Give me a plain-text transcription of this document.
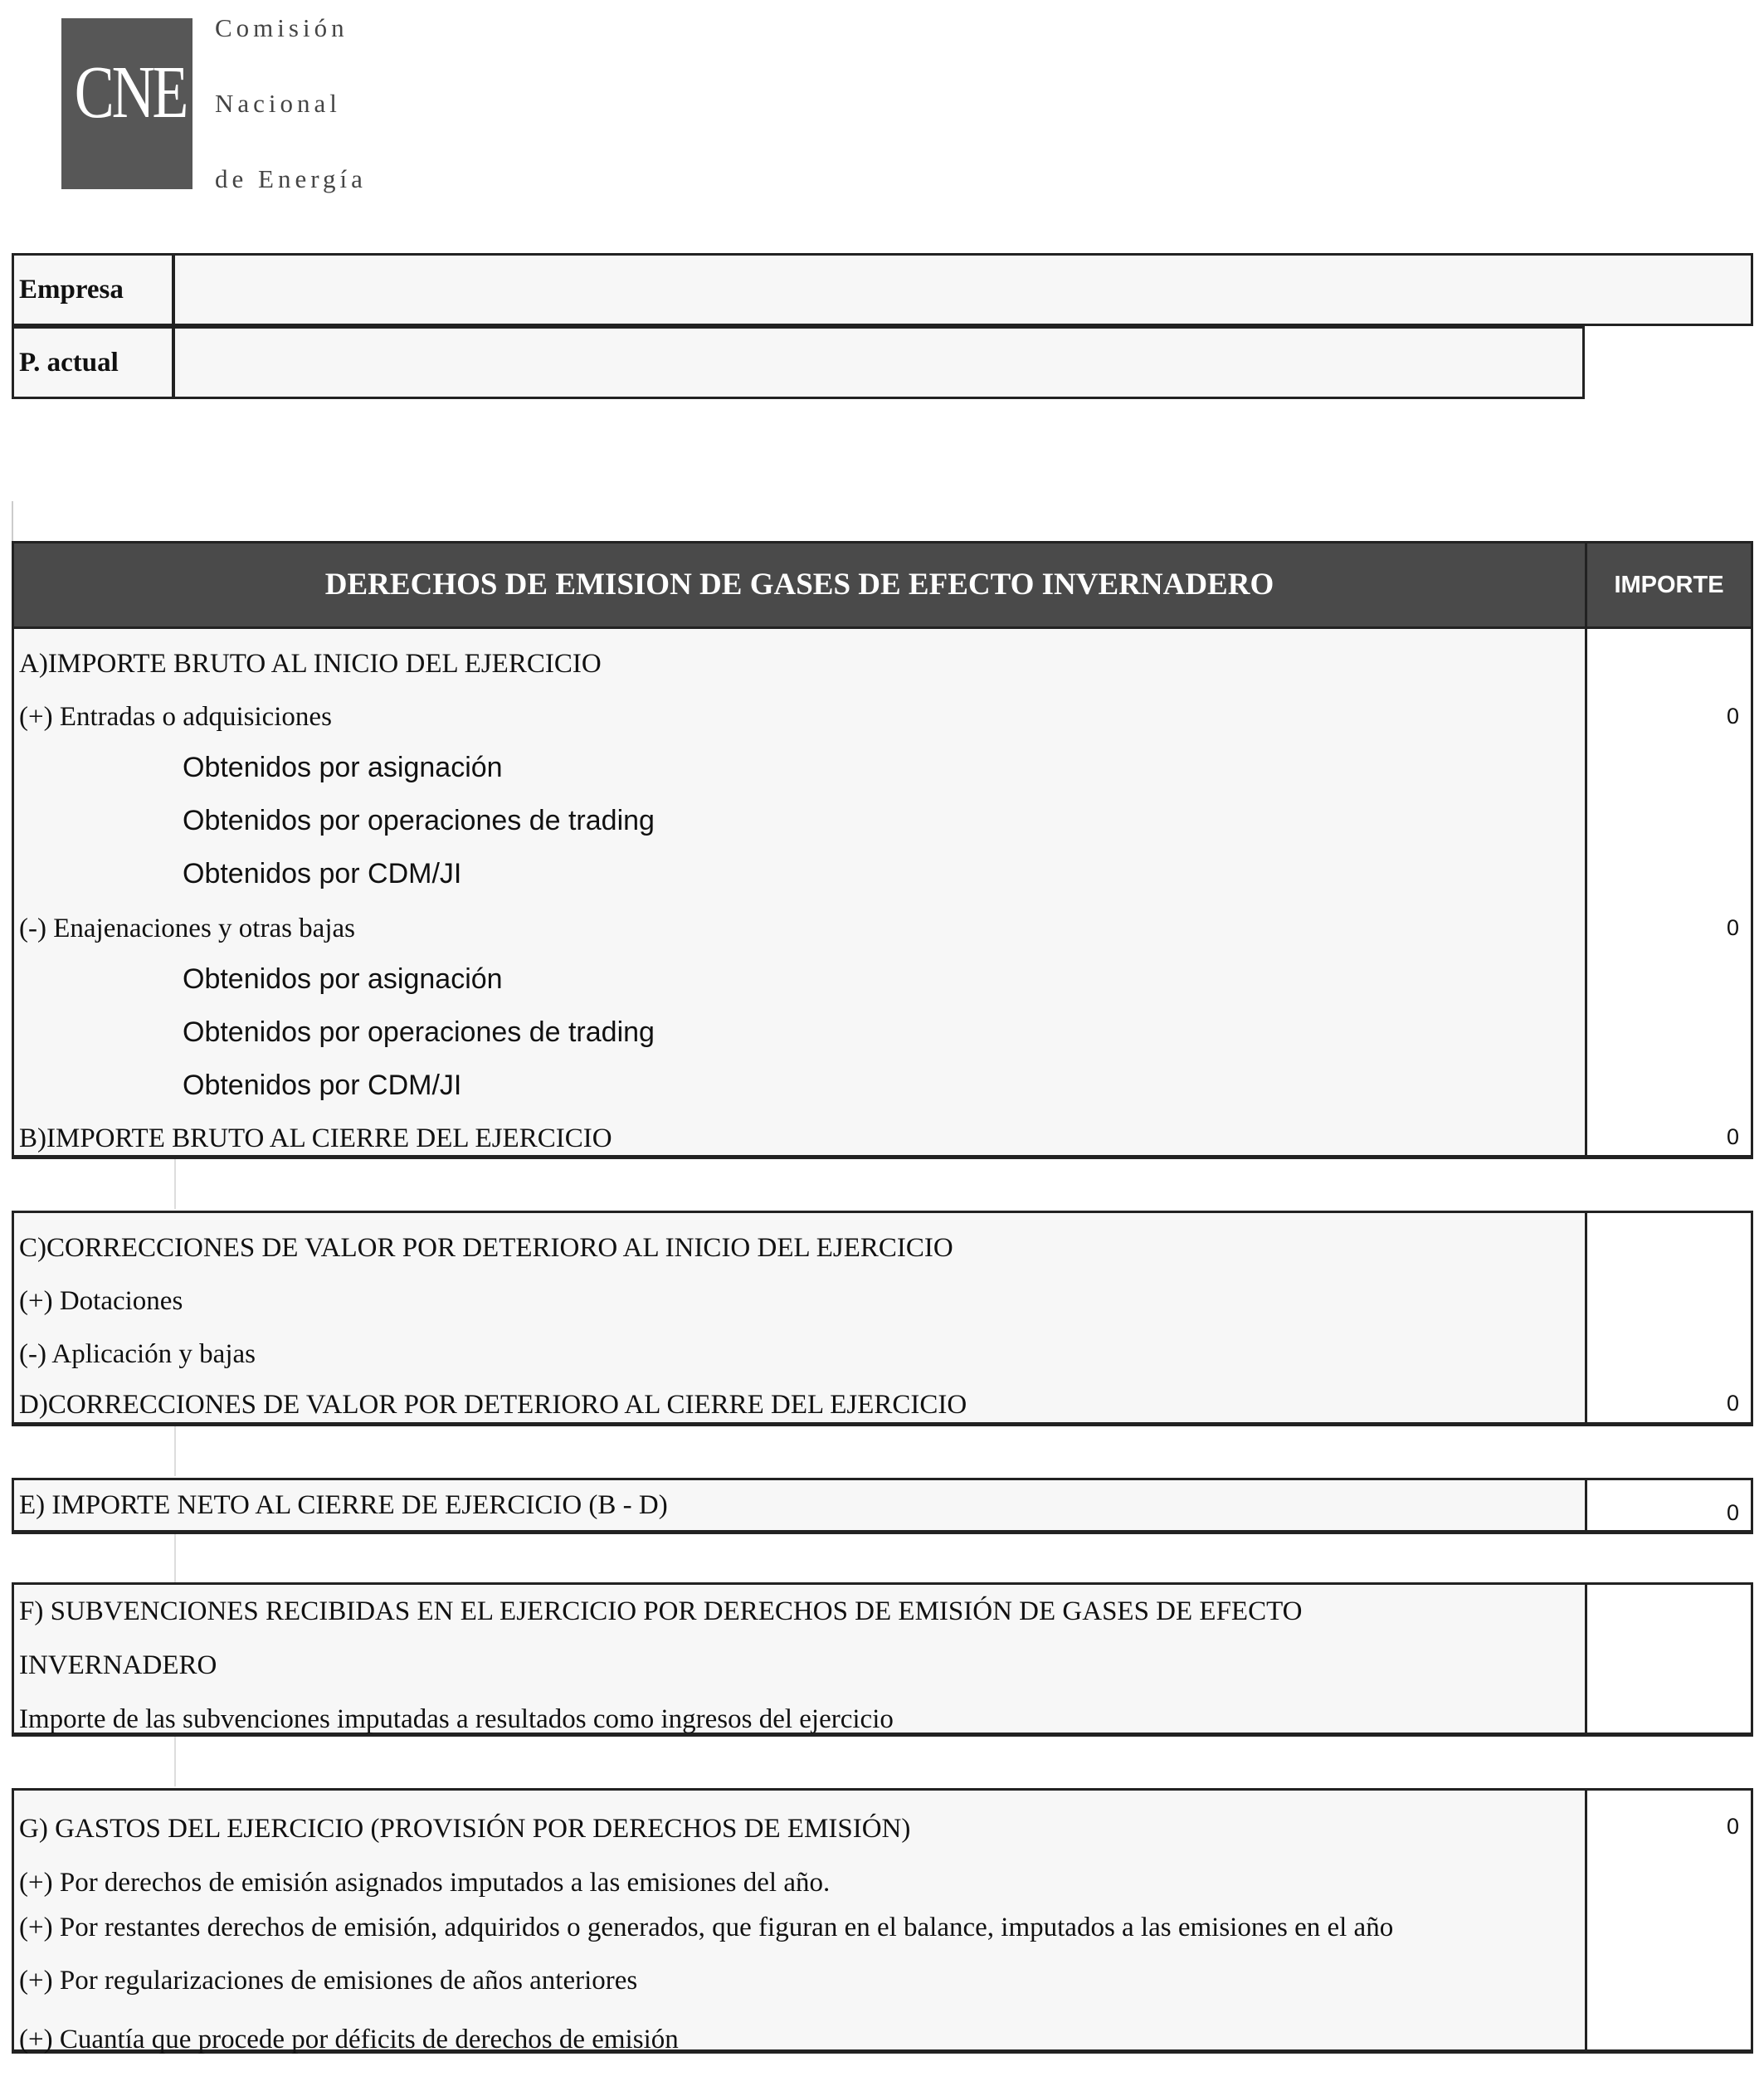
CNE
Comisión
Nacional
de Energía
Empresa
P. actual
DERECHOS DE EMISION DE GASES DE EFECTO INVERNADERO	IMPORTE
A)IMPORTE BRUTO AL INICIO DEL EJERCICIO
(+) Entradas o adquisiciones	0
Obtenidos por asignación
Obtenidos por operaciones de trading
Obtenidos por CDM/JI
(-) Enajenaciones y otras bajas	0
Obtenidos por asignación
Obtenidos por operaciones de trading
Obtenidos por CDM/JI
B)IMPORTE BRUTO AL CIERRE DEL EJERCICIO	0
C)CORRECCIONES DE VALOR POR DETERIORO AL INICIO DEL EJERCICIO
(+) Dotaciones
(-) Aplicación y bajas
D)CORRECCIONES DE VALOR POR DETERIORO AL CIERRE DEL EJERCICIO	0
E) IMPORTE NETO AL CIERRE DE EJERCICIO (B - D)	0
F) SUBVENCIONES RECIBIDAS EN EL EJERCICIO POR DERECHOS DE EMISIÓN DE GASES DE EFECTO
INVERNADERO
Importe de las subvenciones imputadas a resultados como ingresos del ejercicio
G) GASTOS DEL EJERCICIO (PROVISIÓN POR DERECHOS DE EMISIÓN)	0
(+) Por derechos de emisión asignados imputados a las emisiones del año.
(+) Por restantes derechos de emisión, adquiridos o generados, que figuran en el balance, imputados a las emisiones en el año
(+) Por regularizaciones de emisiones de años anteriores
(+) Cuantía que procede por déficits de derechos de emisión
